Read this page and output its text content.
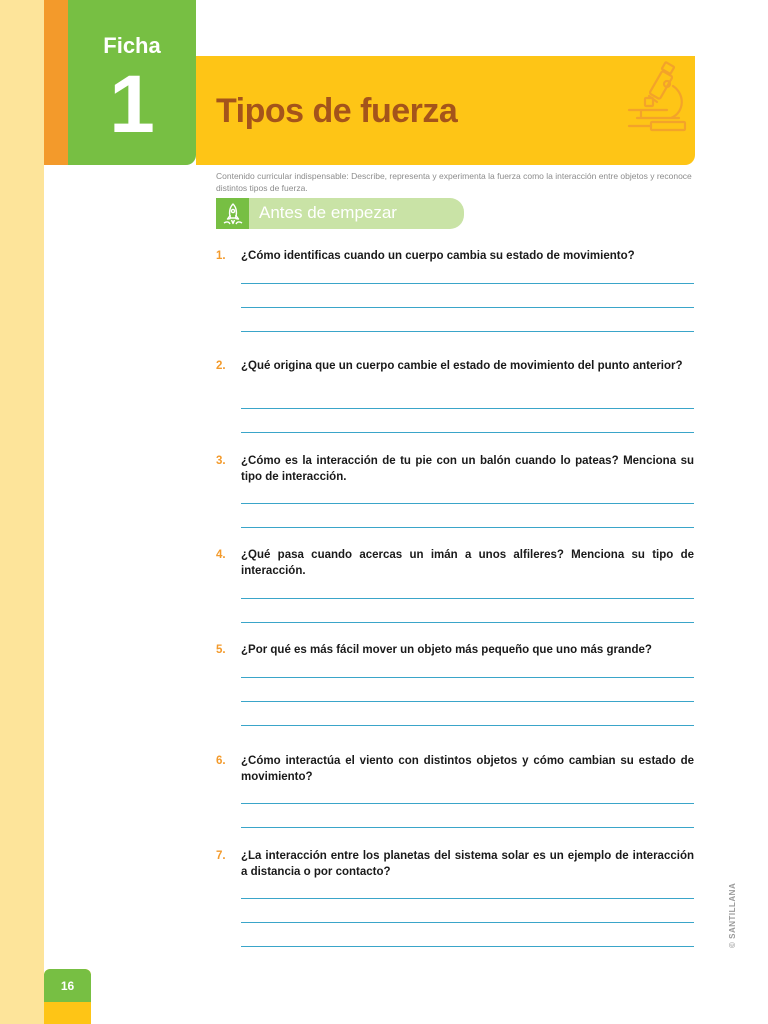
Ficha
1	Tipos de fuerza
Contenido curricular indispensable: Describe, representa y experimenta la fuerza como la interacción entre objetos y reconoce distintos tipos de fuerza.
Antes de empezar
1. ¿Cómo identificas cuando un cuerpo cambia su estado de movimiento?

2. ¿Qué origina que un cuerpo cambie el estado de movimiento del punto anterior?

3. ¿Cómo es la interacción de tu pie con un balón cuando lo pateas? Menciona su tipo de interacción.

4. ¿Qué pasa cuando acercas un imán a unos alfileres? Menciona su tipo de interacción.

5. ¿Por qué es más fácil mover un objeto más pequeño que uno más grande?

6. ¿Cómo interactúa el viento con distintos objetos y cómo cambian su estado de movimiento?

7. ¿La interacción entre los planetas del sistema solar es un ejemplo de interacción a distancia o por contacto?

© SANTILLANA
16
